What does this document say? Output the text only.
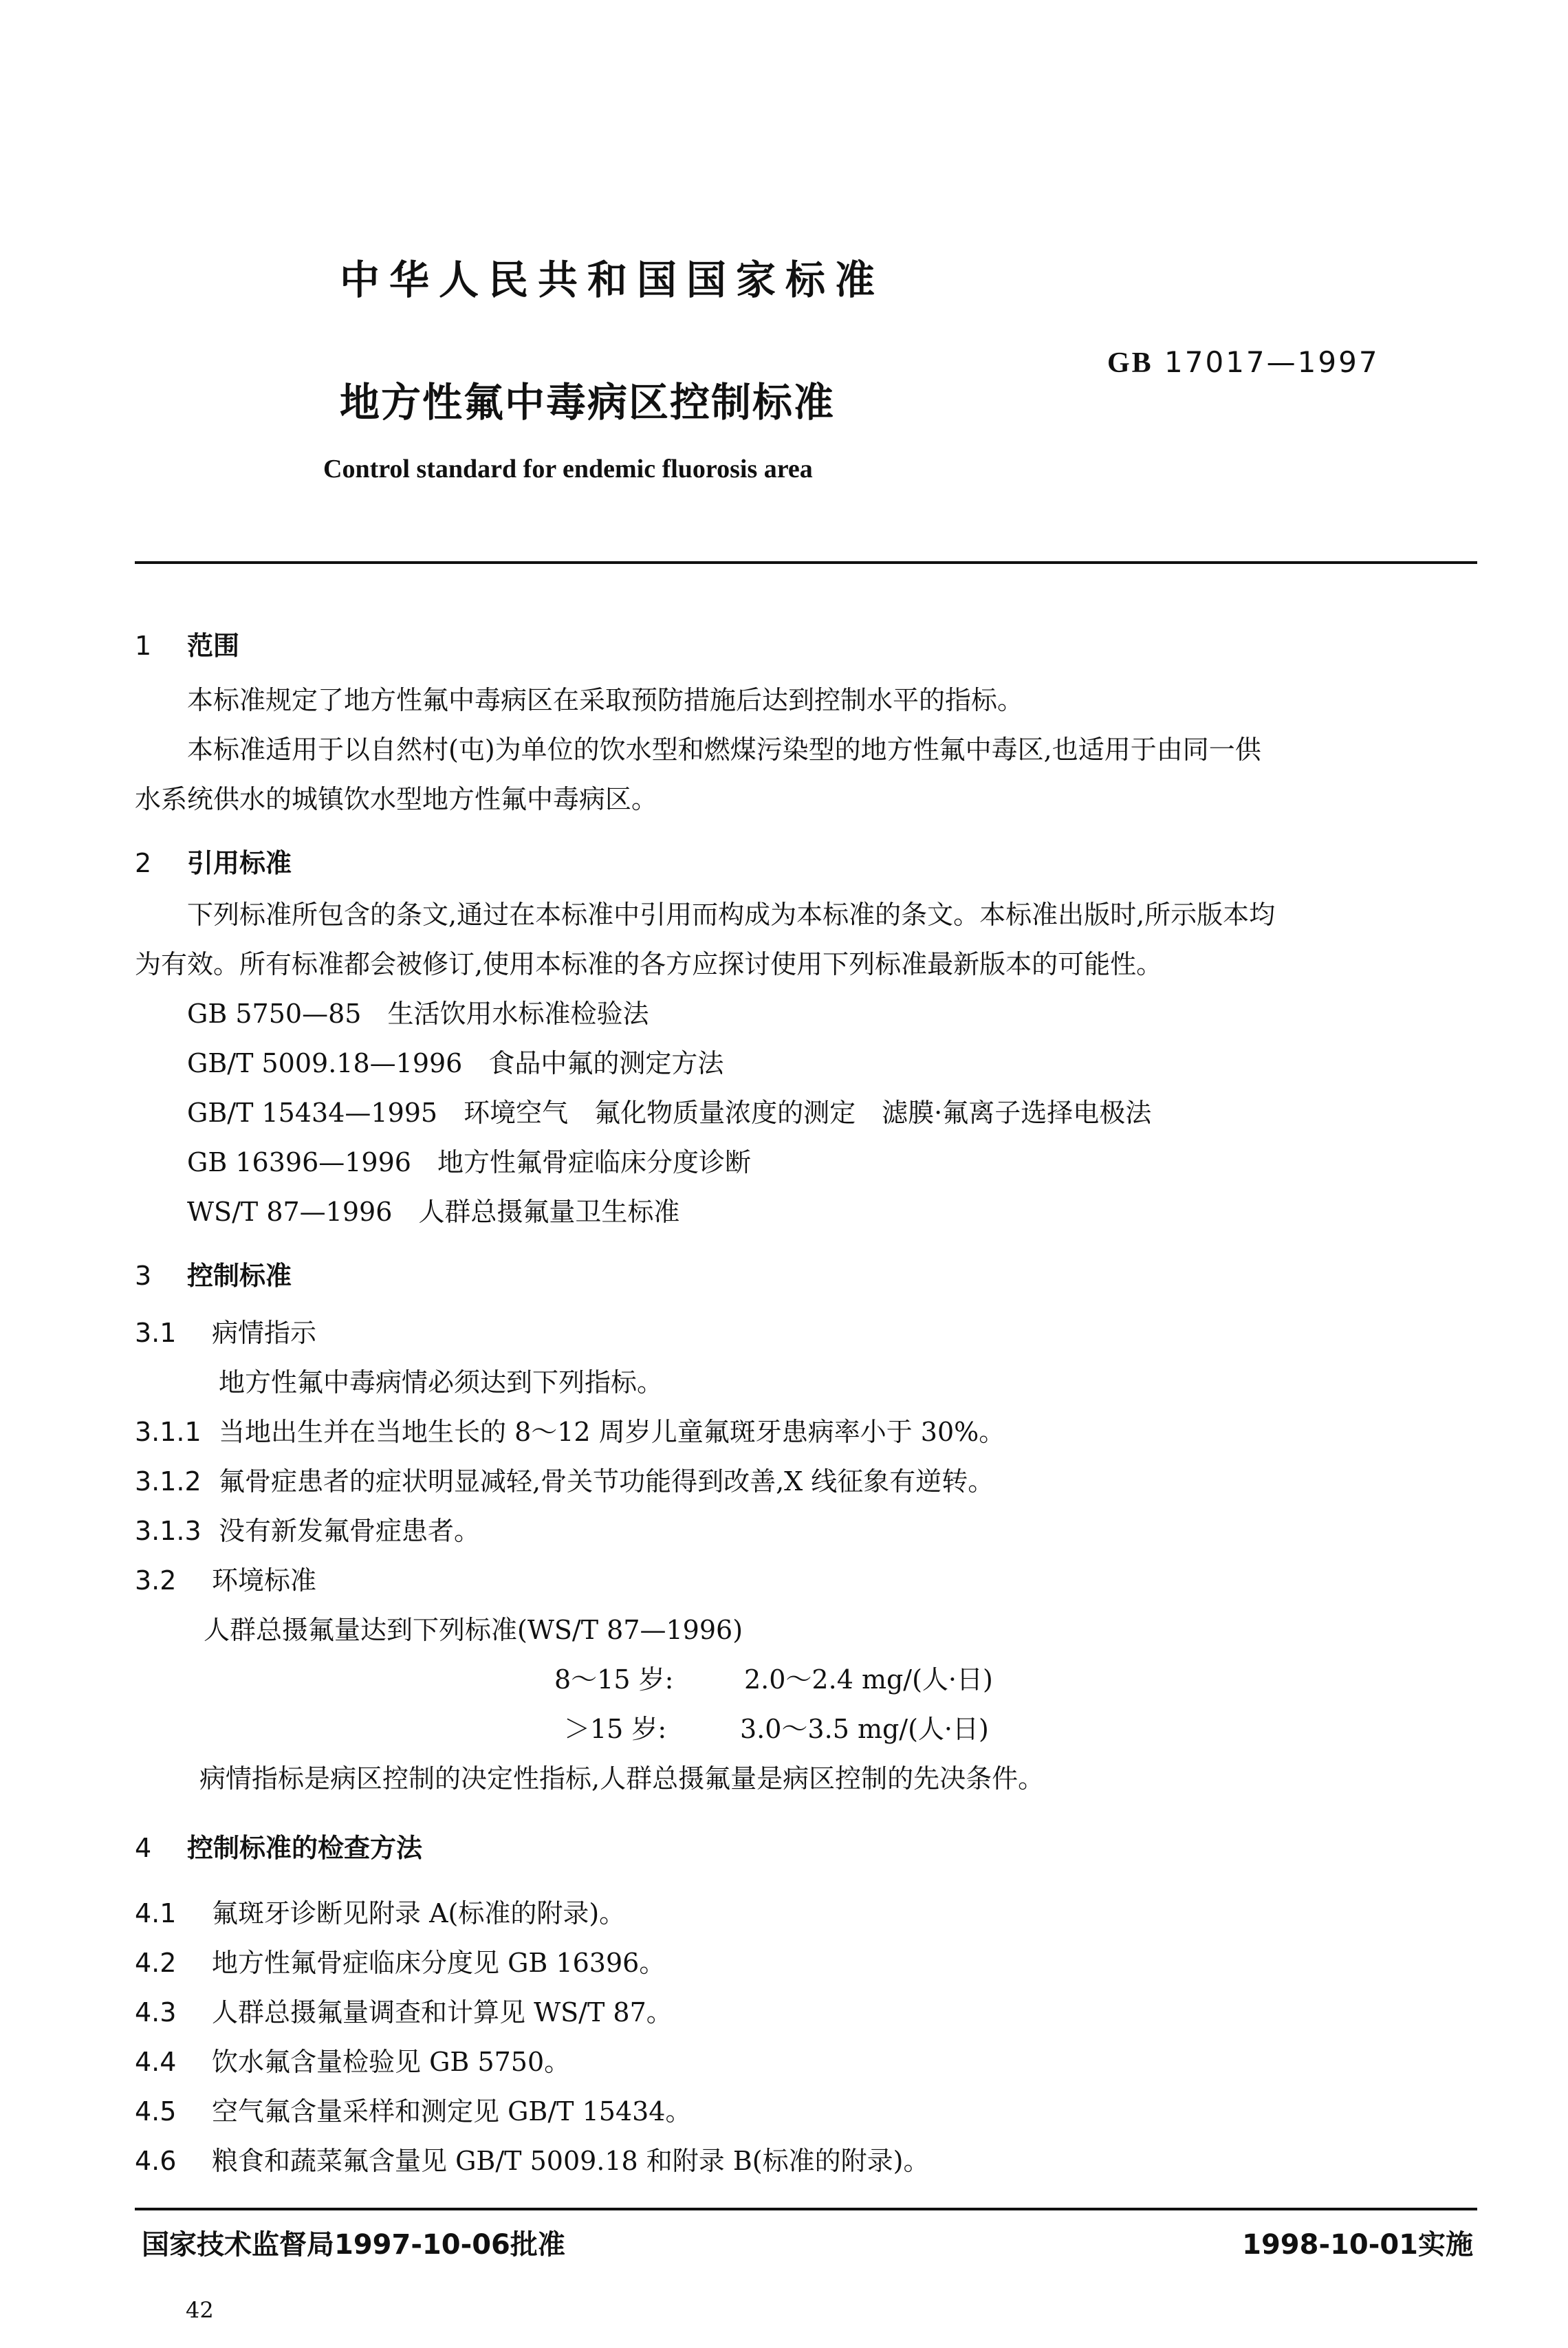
中华人民共和国国家标准
地方性氟中毒病区控制标准
GB 17017—1997
Control standard for endemic fluorosis area
1 范围
本标准规定了地方性氟中毒病区在采取预防措施后达到控制水平的指标。
本标准适用于以自然村(屯)为单位的饮水型和燃煤污染型的地方性氟中毒区,也适用于由同一供
水系统供水的城镇饮水型地方性氟中毒病区。
2 引用标准
下列标准所包含的条文,通过在本标准中引用而构成为本标准的条文。本标准出版时,所示版本均
为有效。所有标准都会被修订,使用本标准的各方应探讨使用下列标准最新版本的可能性。
GB 5750—85　 生活饮用水标准检验法
GB/T 5009.18—1996　 食品中氟的测定方法
GB/T 15434—1995　 环境空气　氟化物质量浓度的测定　滤膜·氟离子选择电极法
GB 16396—1996　 地方性氟骨症临床分度诊断
WS/T 87—1996　 人群总摄氟量卫生标准
3 控制标准
3.1 病情指示
地方性氟中毒病情必须达到下列指标。
3.1.1 当地出生并在当地生长的 8～12 周岁儿童氟斑牙患病率小于 30%。
3.1.2 氟骨症患者的症状明显减轻,骨关节功能得到改善,X 线征象有逆转。
3.1.3 没有新发氟骨症患者。
3.2 环境标准
人群总摄氟量达到下列标准(WS/T 87—1996)
8～15 岁:	2.0～2.4 mg/(人·日)
＞15 岁:	3.0～3.5 mg/(人·日)
病情指标是病区控制的决定性指标,人群总摄氟量是病区控制的先决条件。
4 控制标准的检查方法
4.1 氟斑牙诊断见附录 A(标准的附录)。
4.2 地方性氟骨症临床分度见 GB 16396。
4.3 人群总摄氟量调查和计算见 WS/T 87。
4.4 饮水氟含量检验见 GB 5750。
4.5 空气氟含量采样和测定见 GB/T 15434。
4.6 粮食和蔬菜氟含量见 GB/T 5009.18 和附录 B(标准的附录)。
国家技术监督局1997-10-06批准	1998-10-01实施
42
